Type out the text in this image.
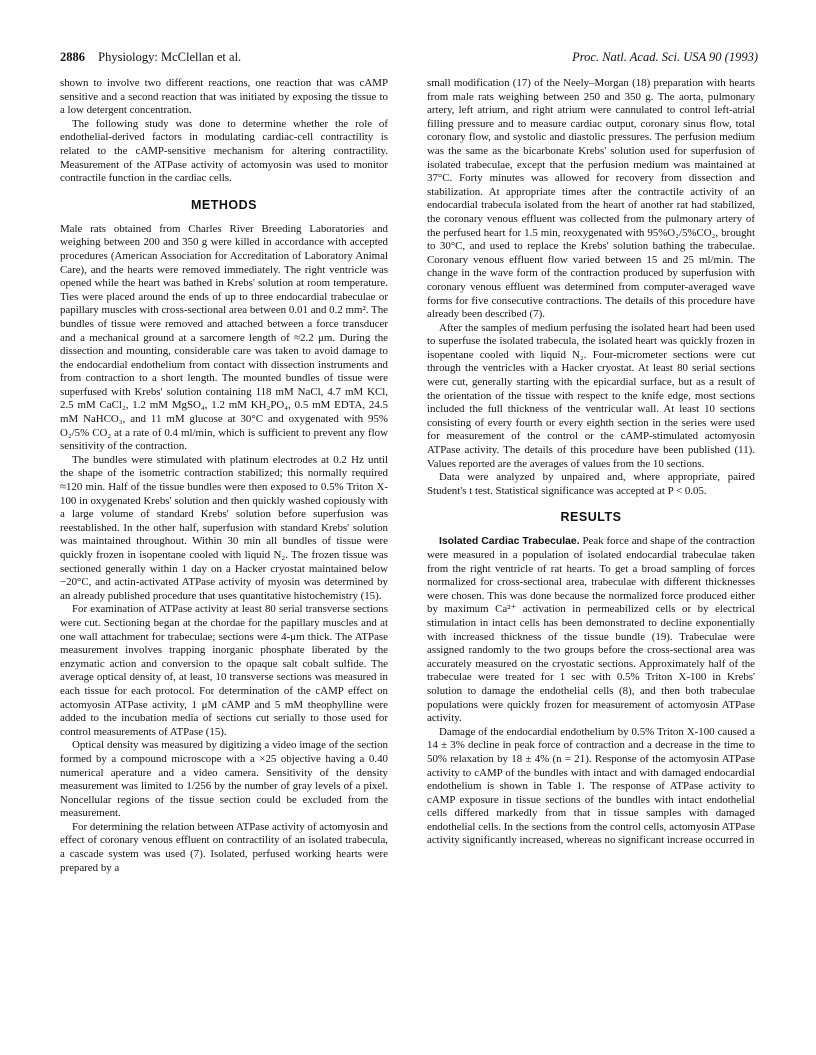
2886 Physiology: McClellan et al.	Proc. Natl. Acad. Sci. USA 90 (1993)

shown to involve two different reactions, one reaction that was cAMP sensitive and a second reaction that was initiated by exposing the tissue to a low detergent concentration.

The following study was done to determine whether the role of endothelial-derived factors in modulating cardiac-cell contractility is related to the cAMP-sensitive mechanism for altering contractility. Measurement of the ATPase activity of actomyosin was used to monitor contractile function in the cardiac cells.

METHODS

Male rats obtained from Charles River Breeding Laboratories and weighing between 200 and 350 g were killed in accordance with accepted procedures (American Association for Accreditation of Laboratory Animal Care), and the hearts were removed immediately. The right ventricle was opened while the heart was bathed in Krebs' solution at room temperature. Ties were placed around the ends of up to three endocardial trabeculae or papillary muscles with cross-sectional area between 0.01 and 0.2 mm². The bundles of tissue were removed and attached between a force transducer and a mechanical ground at a sarcomere length of ≈2.2 μm. During the dissection and mounting, considerable care was taken to avoid damage to the endocardial endothelium from contact with dissection instruments and from contraction to a short length. The mounted bundles of tissue were superfused with Krebs' solution containing 118 mM NaCl, 4.7 mM KCl, 2.5 mM CaCl₂, 1.2 mM MgSO₄, 1.2 mM KH₂PO₄, 0.5 mM EDTA, 24.5 mM NaHCO₃, and 11 mM glucose at 30°C and oxygenated with 95% O₂/5% CO₂ at a rate of 0.4 ml/min, which is sufficient to prevent any flow sensitivity of the contraction.

The bundles were stimulated with platinum electrodes at 0.2 Hz until the shape of the isometric contraction stabilized; this normally required ≈120 min. Half of the tissue bundles were then exposed to 0.5% Triton X-100 in oxygenated Krebs' solution and then quickly washed copiously with a large volume of standard Krebs' solution before superfusion was reestablished. In the other half, superfusion with standard Krebs' solution was maintained throughout. Within 30 min all bundles of tissue were quickly frozen in isopentane cooled with liquid N₂. The frozen tissue was sectioned generally within 1 day on a Hacker cryostat maintained below −20°C, and actin-activated ATPase activity of myosin was determined by an already published procedure that uses quantitative histochemistry (15).

For examination of ATPase activity at least 80 serial transverse sections were cut. Sectioning began at the chordae for the papillary muscles and at one wall attachment for trabeculae; sections were 4-μm thick. The ATPase measurement involves trapping inorganic phosphate liberated by the enzymatic action and conversion to the opaque salt cobalt sulfide. The average optical density of, at least, 10 transverse sections was measured in each tissue for each protocol. For determination of the cAMP effect on actomyosin ATPase activity, 1 μM cAMP and 5 mM theophylline were added to the incubation media of sections cut serially to those used for control measurements of ATPase (15).

Optical density was measured by digitizing a video image of the section formed by a compound microscope with a ×25 objective having a 0.40 numerical aperature and a video camera. Sensitivity of the density measurement was limited to 1/256 by the number of gray levels of a pixel. Noncellular regions of the tissue section could be excluded from the measurement.

For determining the relation between ATPase activity of actomyosin and effect of coronary venous effluent on contractility of an isolated trabecula, a cascade system was used (7). Isolated, perfused working hearts were prepared by a

small modification (17) of the Neely–Morgan (18) preparation with hearts from male rats weighing between 250 and 350 g. The aorta, pulmonary artery, left atrium, and right atrium were cannulated to control left-atrial filling pressure and to measure cardiac output, coronary sinus flow, total coronary flow, and systolic and diastolic pressures. The perfusion medium was the same as the bicarbonate Krebs' solution used for superfusion of isolated trabeculae, except that the perfusion medium was maintained at 37°C. Forty minutes was allowed for recovery from dissection and stabilization. At appropriate times after the contractile activity of an endocardial trabecula isolated from the heart of another rat had stabilized, the coronary venous effluent was collected from the pulmonary artery of the perfused heart for 1.5 min, reoxygenated with 95%O₂/5%CO₂, brought to 30°C, and used to replace the Krebs' solution bathing the trabeculae. Coronary venous effluent flow varied between 15 and 25 ml/min. The change in the wave form of the contraction produced by superfusion with coronary venous effluent was determined from computer-averaged wave forms for five consecutive contractions. The details of this procedure have already been described (7).

After the samples of medium perfusing the isolated heart had been used to superfuse the isolated trabecula, the isolated heart was quickly frozen in isopentane cooled with liquid N₂. Four-micrometer sections were cut through the ventricles with a Hacker cryostat. At least 80 serial sections were cut, generally starting with the epicardial surface, but as a result of the orientation of the tissue with respect to the knife edge, most sections included the full thickness of the ventricular wall. At least 10 sections consisting of every fourth or every eighth section in the series were used for measurement of the control or the cAMP-stimulated actomyosin ATPase activity. The details of this procedure have been published (11). Values reported are the averages of values from the 10 sections.

Data were analyzed by unpaired and, where appropriate, paired Student's t test. Statistical significance was accepted at P < 0.05.

RESULTS

Isolated Cardiac Trabeculae. Peak force and shape of the contraction were measured in a population of isolated endocardial trabeculae taken from the right ventricle of rat hearts. To get a broad sampling of forces normalized for cross-sectional area, trabeculae with different thicknesses were chosen. This was done because the normalized force produced either by maximum Ca²⁺ activation in permeabilized cells or by electrical stimulation in intact cells has been demonstrated to decline exponentially with increased thickness of the tissue bundle (19). Trabeculae were assigned randomly to the two groups before the cross-sectional area was accurately measured on the cryostatic sections. Approximately half of the trabeculae were treated for 1 sec with 0.5% Triton X-100 in Krebs' solution to damage the endothelial cells (8), and then both trabeculae populations were quickly frozen for measurement of actomyosin ATPase activity.

Damage of the endocardial endothelium by 0.5% Triton X-100 caused a 14 ± 3% decline in peak force of contraction and a decrease in the time to 50% relaxation by 18 ± 4% (n = 21). Response of the actomyosin ATPase activity to cAMP of the bundles with intact and with damaged endocardial endothelium is shown in Table 1. The response of ATPase activity to cAMP exposure in tissue sections of the bundles with intact endothelial cells differed markedly from that in tissue samples with damaged endothelial cells. In the sections from the control cells, actomyosin ATPase activity significantly increased, whereas no significant increase occurred in
